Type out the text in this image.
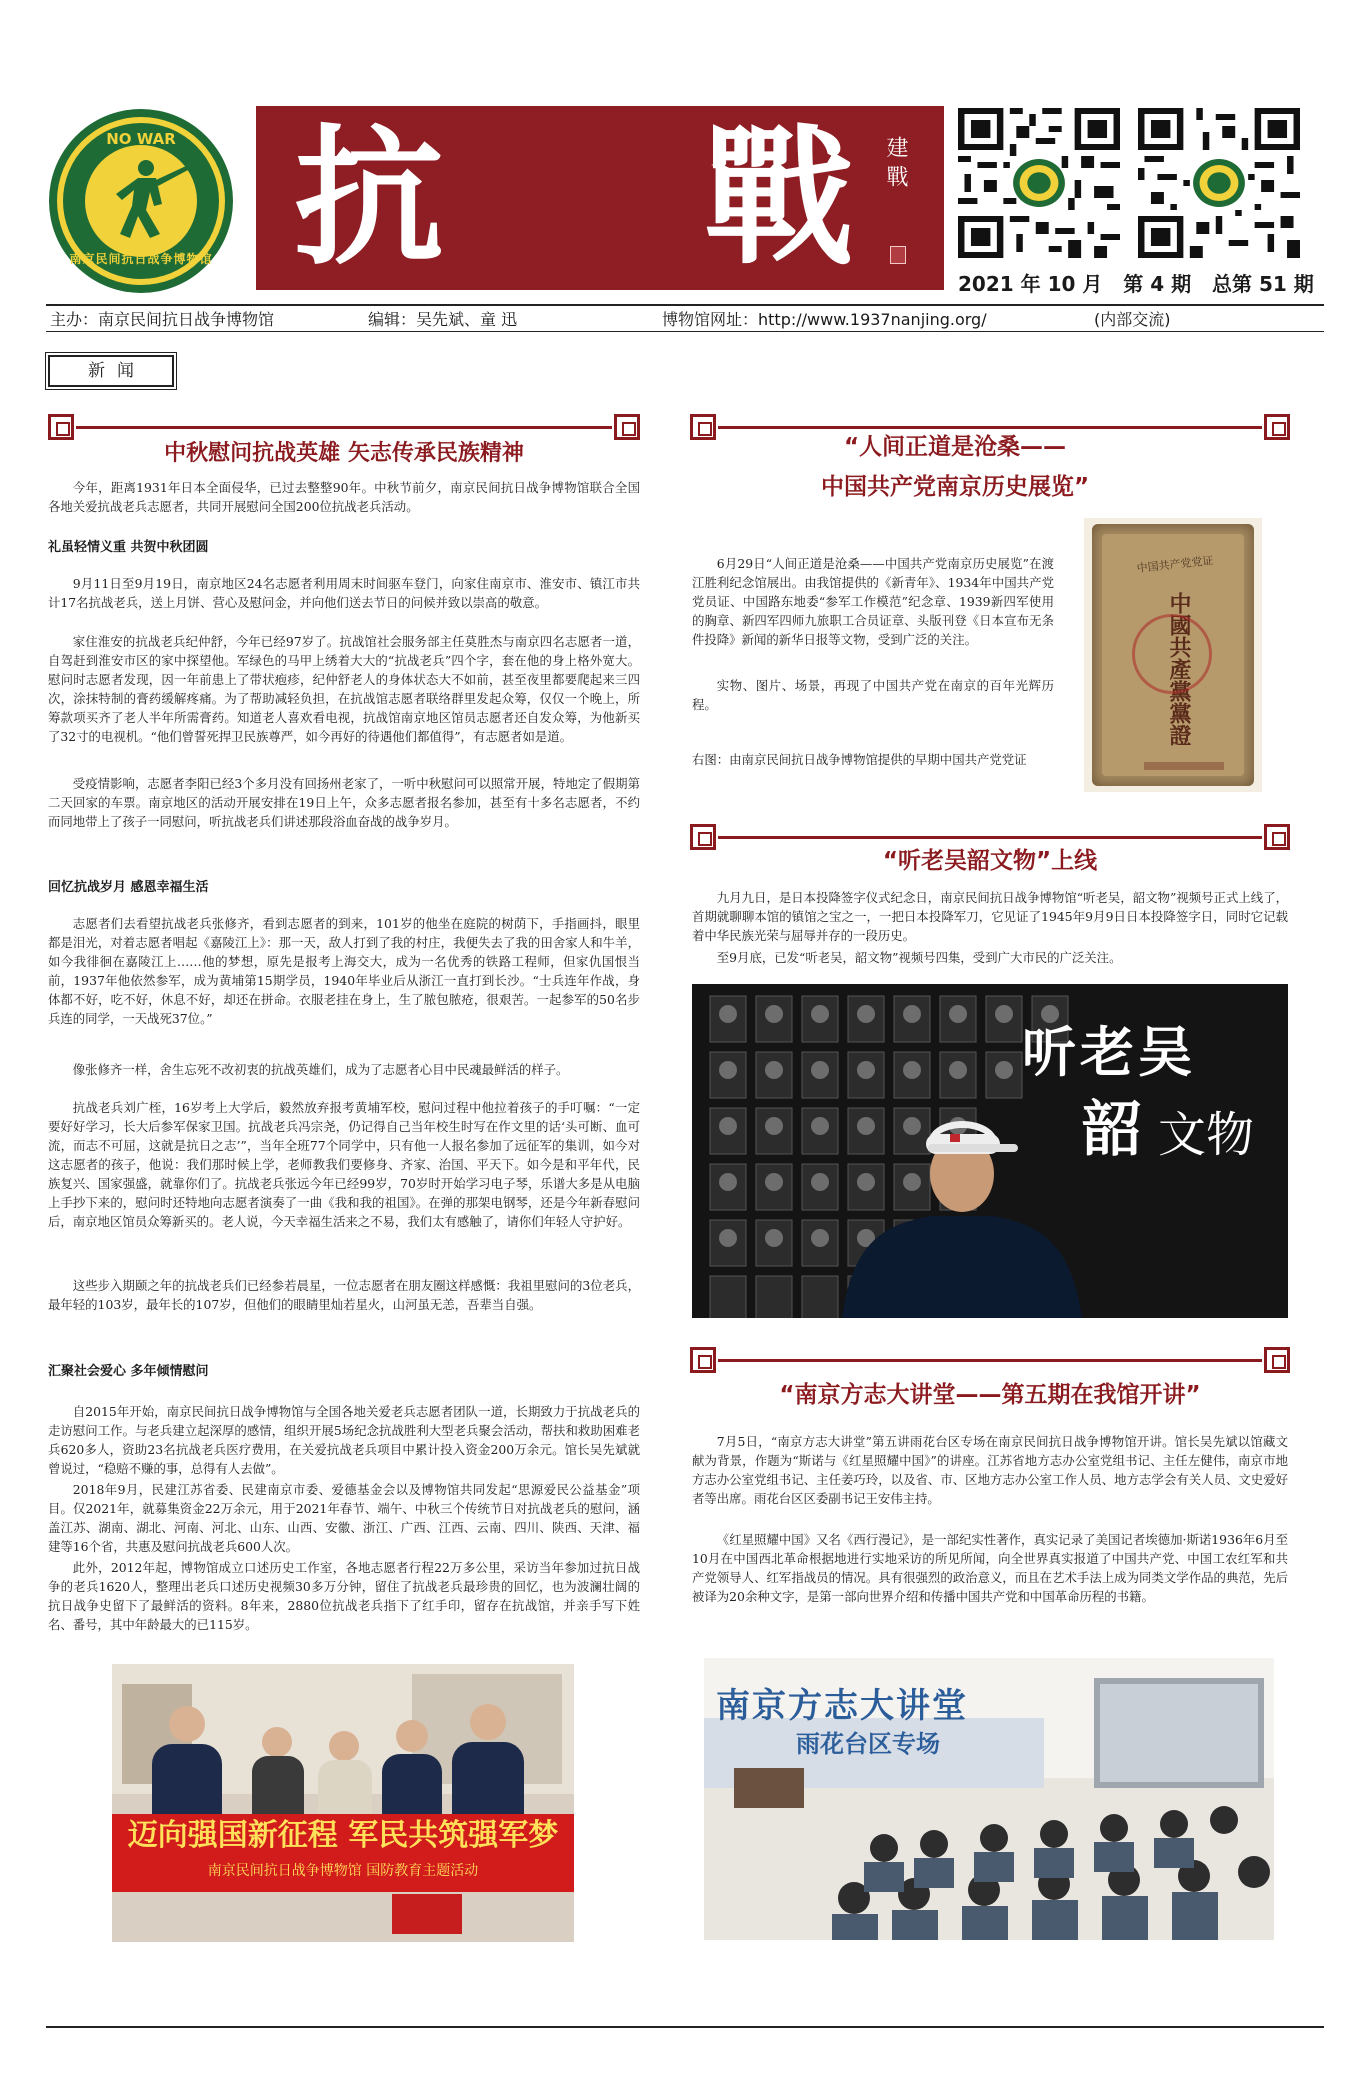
NO WAR
南京民间抗日战争博物馆 抗 戰 建 戰
2021 年 10 月   第 4 期   总第 51 期
主办：南京民间抗日战争博物馆	编辑：吴先斌、童 迅	博物馆网址：http://www.1937nanjing.org/	(内部交流)
新闻
中秋慰问抗战英雄 矢志传承民族精神
今年，距离1931年日本全面侵华，已过去整整90年。中秋节前夕，南京民间抗日战争博物馆联合全国各地关爱抗战老兵志愿者，共同开展慰问全国200位抗战老兵活动。
礼虽轻情义重 共贺中秋团圆
9月11日至9月19日，南京地区24名志愿者利用周末时间驱车登门，向家住南京市、淮安市、镇江市共计17名抗战老兵，送上月饼、营心及慰问金，并向他们送去节日的问候并致以崇高的敬意。
家住淮安的抗战老兵纪仲舒，今年已经97岁了。抗战馆社会服务部主任莫胜杰与南京四名志愿者一道，自驾赶到淮安市区的家中探望他。军绿色的马甲上绣着大大的“抗战老兵”四个字，套在他的身上格外宽大。慰问时志愿者发现，因一年前患上了带状疱疹，纪仲舒老人的身体状态大不如前，甚至夜里都要爬起来三四次，涂抹特制的膏药缓解疼痛。为了帮助减轻负担，在抗战馆志愿者联络群里发起众筹，仅仅一个晚上，所筹款项买齐了老人半年所需膏药。知道老人喜欢看电视，抗战馆南京地区馆员志愿者还自发众筹，为他新买了32寸的电视机。“他们曾誓死捍卫民族尊严，如今再好的待遇他们都值得”，有志愿者如是道。
受疫情影响，志愿者李阳已经3个多月没有回扬州老家了，一听中秋慰问可以照常开展，特地定了假期第二天回家的车票。南京地区的活动开展安排在19日上午，众多志愿者报名参加，甚至有十多名志愿者，不约而同地带上了孩子一同慰问，听抗战老兵们讲述那段浴血奋战的战争岁月。
回忆抗战岁月 感恩幸福生活
志愿者们去看望抗战老兵张修齐，看到志愿者的到来，101岁的他坐在庭院的树荫下，手指画抖，眼里都是泪光，对着志愿者唱起《嘉陵江上》：那一天，敌人打到了我的村庄，我便失去了我的田舍家人和牛羊，如今我徘徊在嘉陵江上……他的梦想，原先是报考上海交大，成为一名优秀的铁路工程师，但家仇国恨当前，1937年他依然参军，成为黄埔第15期学员，1940年毕业后从浙江一直打到长沙。“士兵连年作战，身体都不好，吃不好，休息不好，却还在拼命。衣服老挂在身上，生了脓包脓疮，很艰苦。一起参军的50名步兵连的同学，一天战死37位。”
像张修齐一样，舍生忘死不改初衷的抗战英雄们，成为了志愿者心目中民魂最鲜活的样子。
抗战老兵刘广桎，16岁考上大学后，毅然放弃报考黄埔军校，慰问过程中他拉着孩子的手叮嘱：“一定要好好学习，长大后参军保家卫国。抗战老兵冯宗尧，仍记得自己当年校生时写在作文里的话‘头可断、血可流，而志不可屈，这就是抗日之志’”，当年全班77个同学中，只有他一人报名参加了远征军的集训，如今对这志愿者的孩子，他说：我们那时候上学，老师教我们要修身、齐家、治国、平天下。如今是和平年代，民族复兴、国家强盛，就靠你们了。抗战老兵张远今年已经99岁，70岁时开始学习电子琴，乐谱大多是从电脑上手抄下来的，慰问时还特地向志愿者演奏了一曲《我和我的祖国》。在弹的那架电钢琴，还是今年新春慰问后，南京地区馆员众筹新买的。老人说，今天幸福生活来之不易，我们太有感触了，请你们年轻人守护好。
这些步入期颐之年的抗战老兵们已经参若晨星，一位志愿者在朋友圈这样感慨：我祖里慰问的3位老兵，最年轻的103岁，最年长的107岁，但他们的眼睛里灿若星火，山河虽无恙，吾辈当自强。
汇聚社会爱心 多年倾情慰问
自2015年开始，南京民间抗日战争博物馆与全国各地关爱老兵志愿者团队一道，长期致力于抗战老兵的走访慰问工作。与老兵建立起深厚的感情，组织开展5场纪念抗战胜利大型老兵聚会活动，帮扶和救助困难老兵620多人，资助23名抗战老兵医疗费用，在关爱抗战老兵项目中累计投入资金200万余元。馆长吴先斌就曾说过，“稳赔不赚的事，总得有人去做”。
2018年9月，民建江苏省委、民建南京市委、爱德基金会以及博物馆共同发起“思源爱民公益基金”项目。仅2021年，就募集资金22万余元，用于2021年春节、端午、中秋三个传统节日对抗战老兵的慰问，涵盖江苏、湖南、湖北、河南、河北、山东、山西、安徽、浙江、广西、江西、云南、四川、陕西、天津、福建等16个省，共惠及慰问抗战老兵600人次。
此外，2012年起，博物馆成立口述历史工作室，各地志愿者行程22万多公里，采访当年参加过抗日战争的老兵1620人，整理出老兵口述历史视频30多万分钟，留住了抗战老兵最珍贵的回忆，也为波澜壮阔的抗日战争史留下了最鲜活的资料。8年来，2880位抗战老兵指下了红手印，留存在抗战馆，并亲手写下姓名、番号，其中年龄最大的已115岁。
迈向强国新征程 军民共筑强军梦
南京民间抗日战争博物馆 国防教育主题活动
“人间正道是沧桑——
中国共产党南京历史展览”
6月29日“人间正道是沧桑——中国共产党南京历史展览”在渡江胜利纪念馆展出。由我馆提供的《新青年》、1934年中国共产党党员证、中国路东地委“参军工作模范”纪念章、1939新四军使用的胸章、新四军四师九旅职工合员证章、头版刊登《日本宣布无条件投降》新闻的新华日报等文物，受到广泛的关注。
实物、图片、场景，再现了中国共产党在南京的百年光辉历程。
右图：由南京民间抗日战争博物馆提供的早期中国共产党党证
中国共产党党证
中國共產黨黨證
“听老吴韶文物”上线
九月九日，是日本投降签字仪式纪念日，南京民间抗日战争博物馆“听老吴，韶文物”视频号正式上线了，首期就聊聊本馆的镇馆之宝之一，一把日本投降军刀，它见证了1945年9月9日日本投降签字日，同时它记载着中华民族光荣与屈辱并存的一段历史。
至9月底，已发“听老吴，韶文物”视频号四集，受到广大市民的广泛关注。
听老吴
韶 文物
“南京方志大讲堂——第五期在我馆开讲”
7月5日，“南京方志大讲堂”第五讲雨花台区专场在南京民间抗日战争博物馆开讲。馆长吴先斌以馆藏文献为背景，作题为“斯诺与《红星照耀中国》”的讲座。江苏省地方志办公室党组书记、主任左健伟，南京市地方志办公室党组书记、主任姜巧玲，以及省、市、区地方志办公室工作人员、地方志学会有关人员、文史爱好者等出席。雨花台区区委副书记王安伟主持。
《红星照耀中国》又名《西行漫记》，是一部纪实性著作，真实记录了美国记者埃德加·斯诺1936年6月至10月在中国西北革命根据地进行实地采访的所见所闻，向全世界真实报道了中国共产党、中国工农红军和共产党领导人、红军指战员的情况。具有很强烈的政治意义，而且在艺术手法上成为同类文学作品的典范，先后被译为20余种文字，是第一部向世界介绍和传播中国共产党和中国革命历程的书籍。
南京方志大讲堂
雨花台区专场
